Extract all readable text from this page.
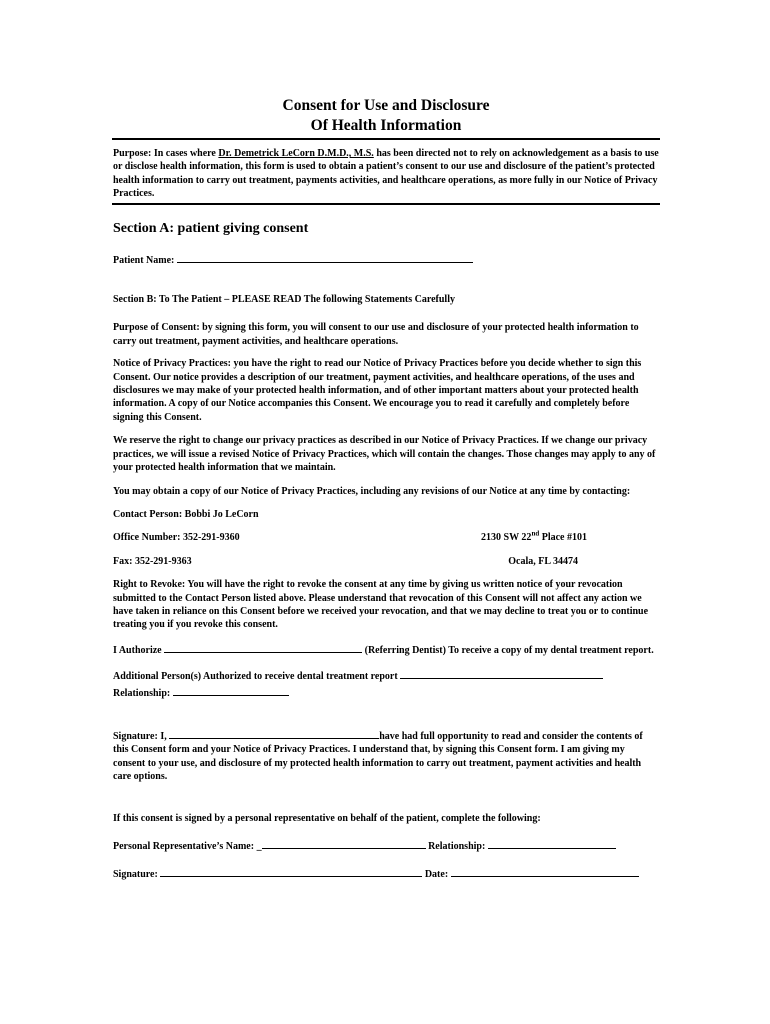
Consent for Use and Disclosure
Of Health Information

Purpose: In cases where Dr. Demetrick LeCorn D.M.D., M.S. has been directed not to rely on acknowledgement as a basis to use or disclose health information, this form is used to obtain a patient’s consent to our use and disclosure of the patient’s protected health information to carry out treatment, payments activities, and healthcare operations, as more fully in our Notice of Privacy Practices.

Section A: patient giving consent

Patient Name:

Section B: To The Patient – PLEASE READ The following Statements Carefully

Purpose of Consent: by signing this form, you will consent to our use and disclosure of your protected health information to carry out treatment, payment activities, and healthcare operations.

Notice of Privacy Practices: you have the right to read our Notice of Privacy Practices before you decide whether to sign this Consent. Our notice provides a description of our treatment, payment activities, and healthcare operations, of the uses and disclosures we may make of your protected health information, and of other important matters about your protected health information. A copy of our Notice accompanies this Consent. We encourage you to read it carefully and completely before signing this Consent.

We reserve the right to change our privacy practices as described in our Notice of Privacy Practices. If we change our privacy practices, we will issue a revised Notice of Privacy Practices, which will contain the changes. Those changes may apply to any of your protected health information that we maintain.

You may obtain a copy of our Notice of Privacy Practices, including any revisions of our Notice at any time by contacting:

Contact Person: Bobbi Jo LeCorn

Office Number: 352-291-9360	2130 SW 22nd Place #101
Fax: 352-291-9363	Ocala, FL 34474

Right to Revoke: You will have the right to revoke the consent at any time by giving us written notice of your revocation submitted to the Contact Person listed above. Please understand that revocation of this Consent will not affect any action we have taken in reliance on this Consent before we received your revocation, and that we may decline to treat you or to continue treating you if you revoke this consent.

I Authorize	(Referring Dentist) To receive a copy of my dental treatment report.

Additional Person(s) Authorized to receive dental treatment report
Relationship:

Signature: I,	have had full opportunity to read and consider the contents of this Consent form and your Notice of Privacy Practices. I understand that, by signing this Consent form. I am giving my consent to your use, and disclosure of my protected health information to carry out treatment, payment activities and health care options.

If this consent is signed by a personal representative on behalf of the patient, complete the following:

Personal Representative’s Name: _	Relationship:

Signature:	Date:
